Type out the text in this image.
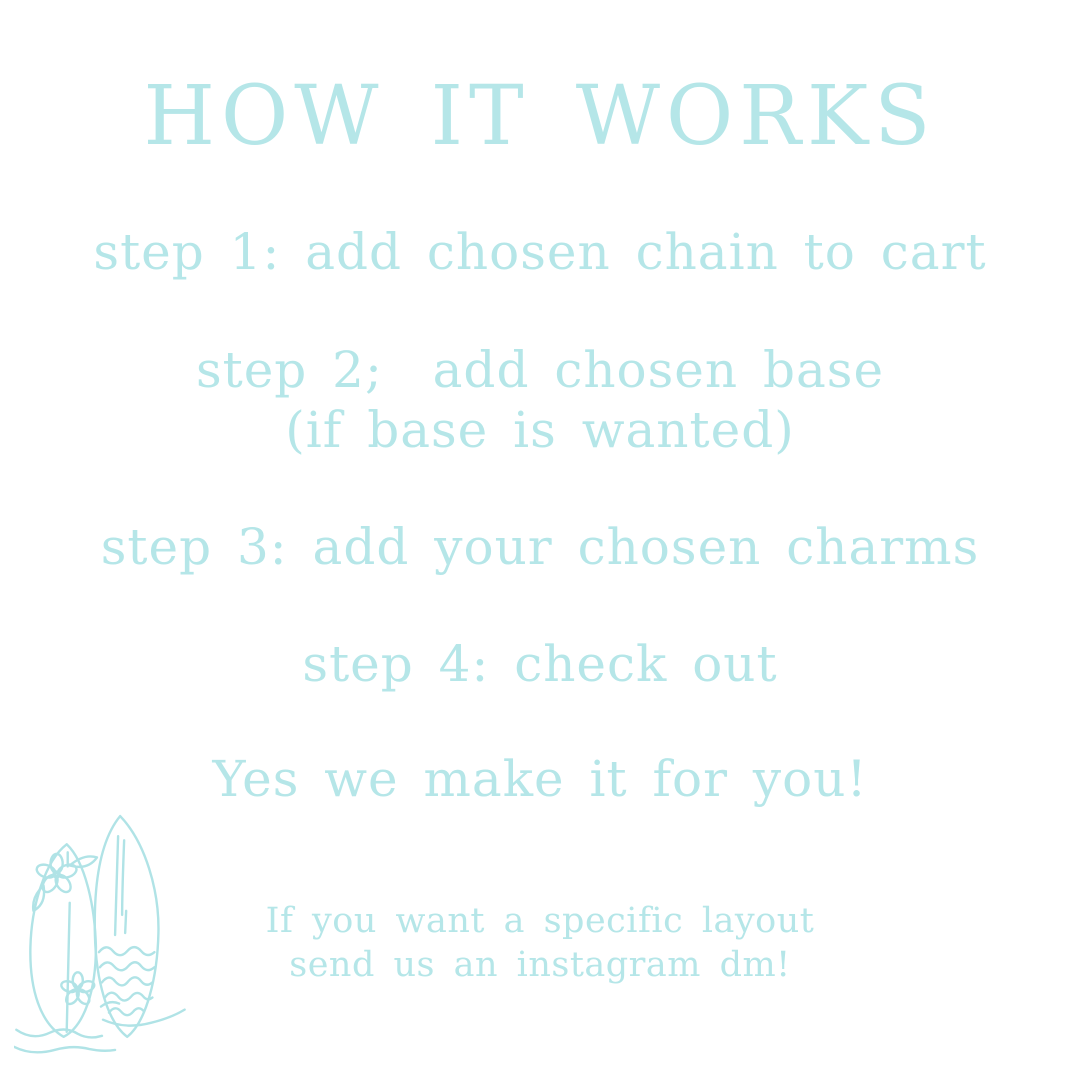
HOW IT WORKS

step 1: add chosen chain to cart

step 2;  add chosen base
(if base is wanted)

step 3: add your chosen charms

step 4: check out

Yes we make it for you!

If you want a specific layout
send us an instagram dm!
